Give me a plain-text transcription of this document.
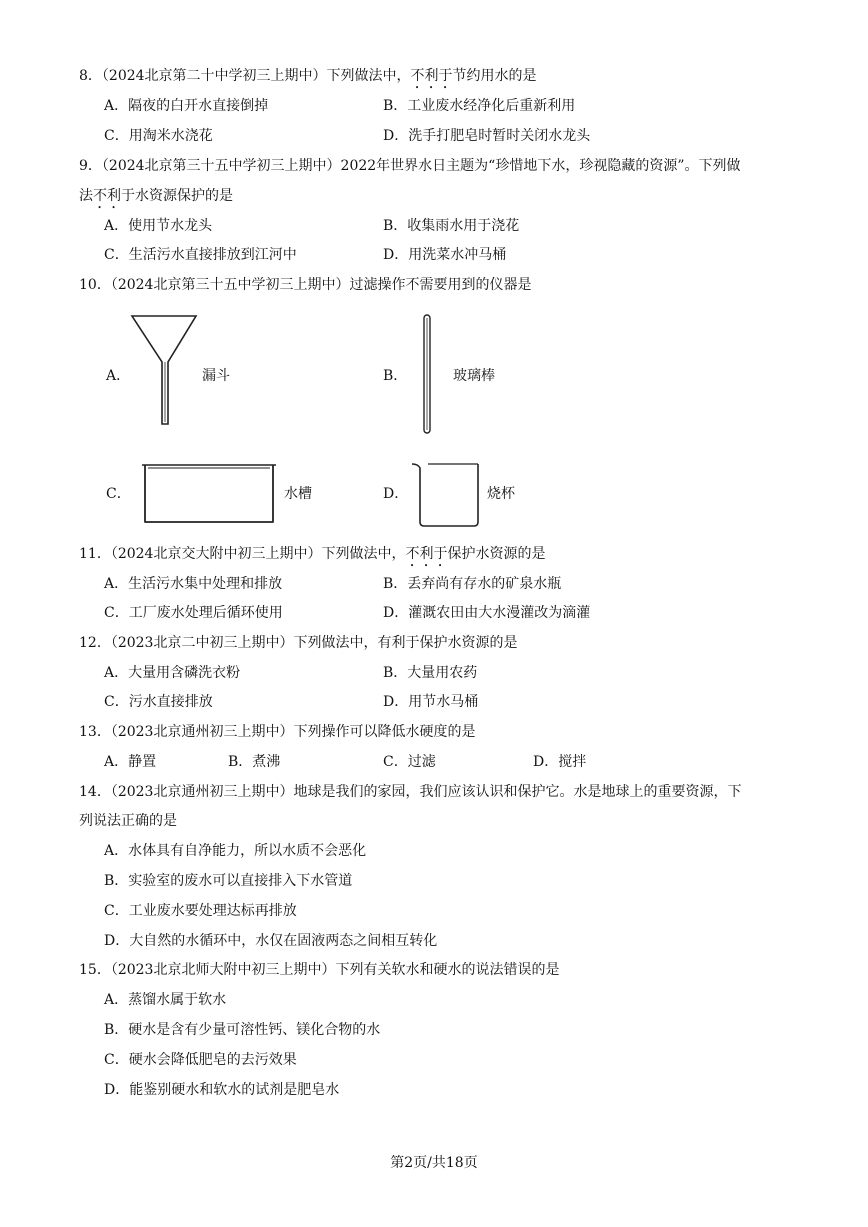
8．（2024北京第二十中学初三上期中）下列做法中，不利于节约用水的是
A．隔夜的白开水直接倒掉	B．工业废水经净化后重新利用
C．用淘米水浇花	D．洗手打肥皂时暂时关闭水龙头
9．（2024北京第三十五中学初三上期中）2022年世界水日主题为“珍惜地下水，珍视隐藏的资源”。下列做
法不利于水资源保护的是
A．使用节水龙头	B．收集雨水用于浇花
C．生活污水直接排放到江河中	D．用洗菜水冲马桶
10．（2024北京第三十五中学初三上期中）过滤操作不需要用到的仪器是
A．	漏斗	B．	玻璃棒
C．	水槽	D．	烧杯
11．（2024北京交大附中初三上期中）下列做法中，不利于保护水资源的是
A．生活污水集中处理和排放	B．丢弃尚有存水的矿泉水瓶
C．工厂废水处理后循环使用	D．灌溉农田由大水漫灌改为滴灌
12．（2023北京二中初三上期中）下列做法中，有利于保护水资源的是
A．大量用含磷洗衣粉	B．大量用农药
C．污水直接排放	D．用节水马桶
13．（2023北京通州初三上期中）下列操作可以降低水硬度的是
A．静置	B．煮沸	C．过滤	D．搅拌
14．（2023北京通州初三上期中）地球是我们的家园，我们应该认识和保护它。水是地球上的重要资源，下
列说法正确的是
A．水体具有自净能力，所以水质不会恶化
B．实验室的废水可以直接排入下水管道
C．工业废水要处理达标再排放
D．大自然的水循环中，水仅在固液两态之间相互转化
15．（2023北京北师大附中初三上期中）下列有关软水和硬水的说法错误的是
A．蒸馏水属于软水
B．硬水是含有少量可溶性钙、镁化合物的水
C．硬水会降低肥皂的去污效果
D．能鉴别硬水和软水的试剂是肥皂水
第2页/共18页
